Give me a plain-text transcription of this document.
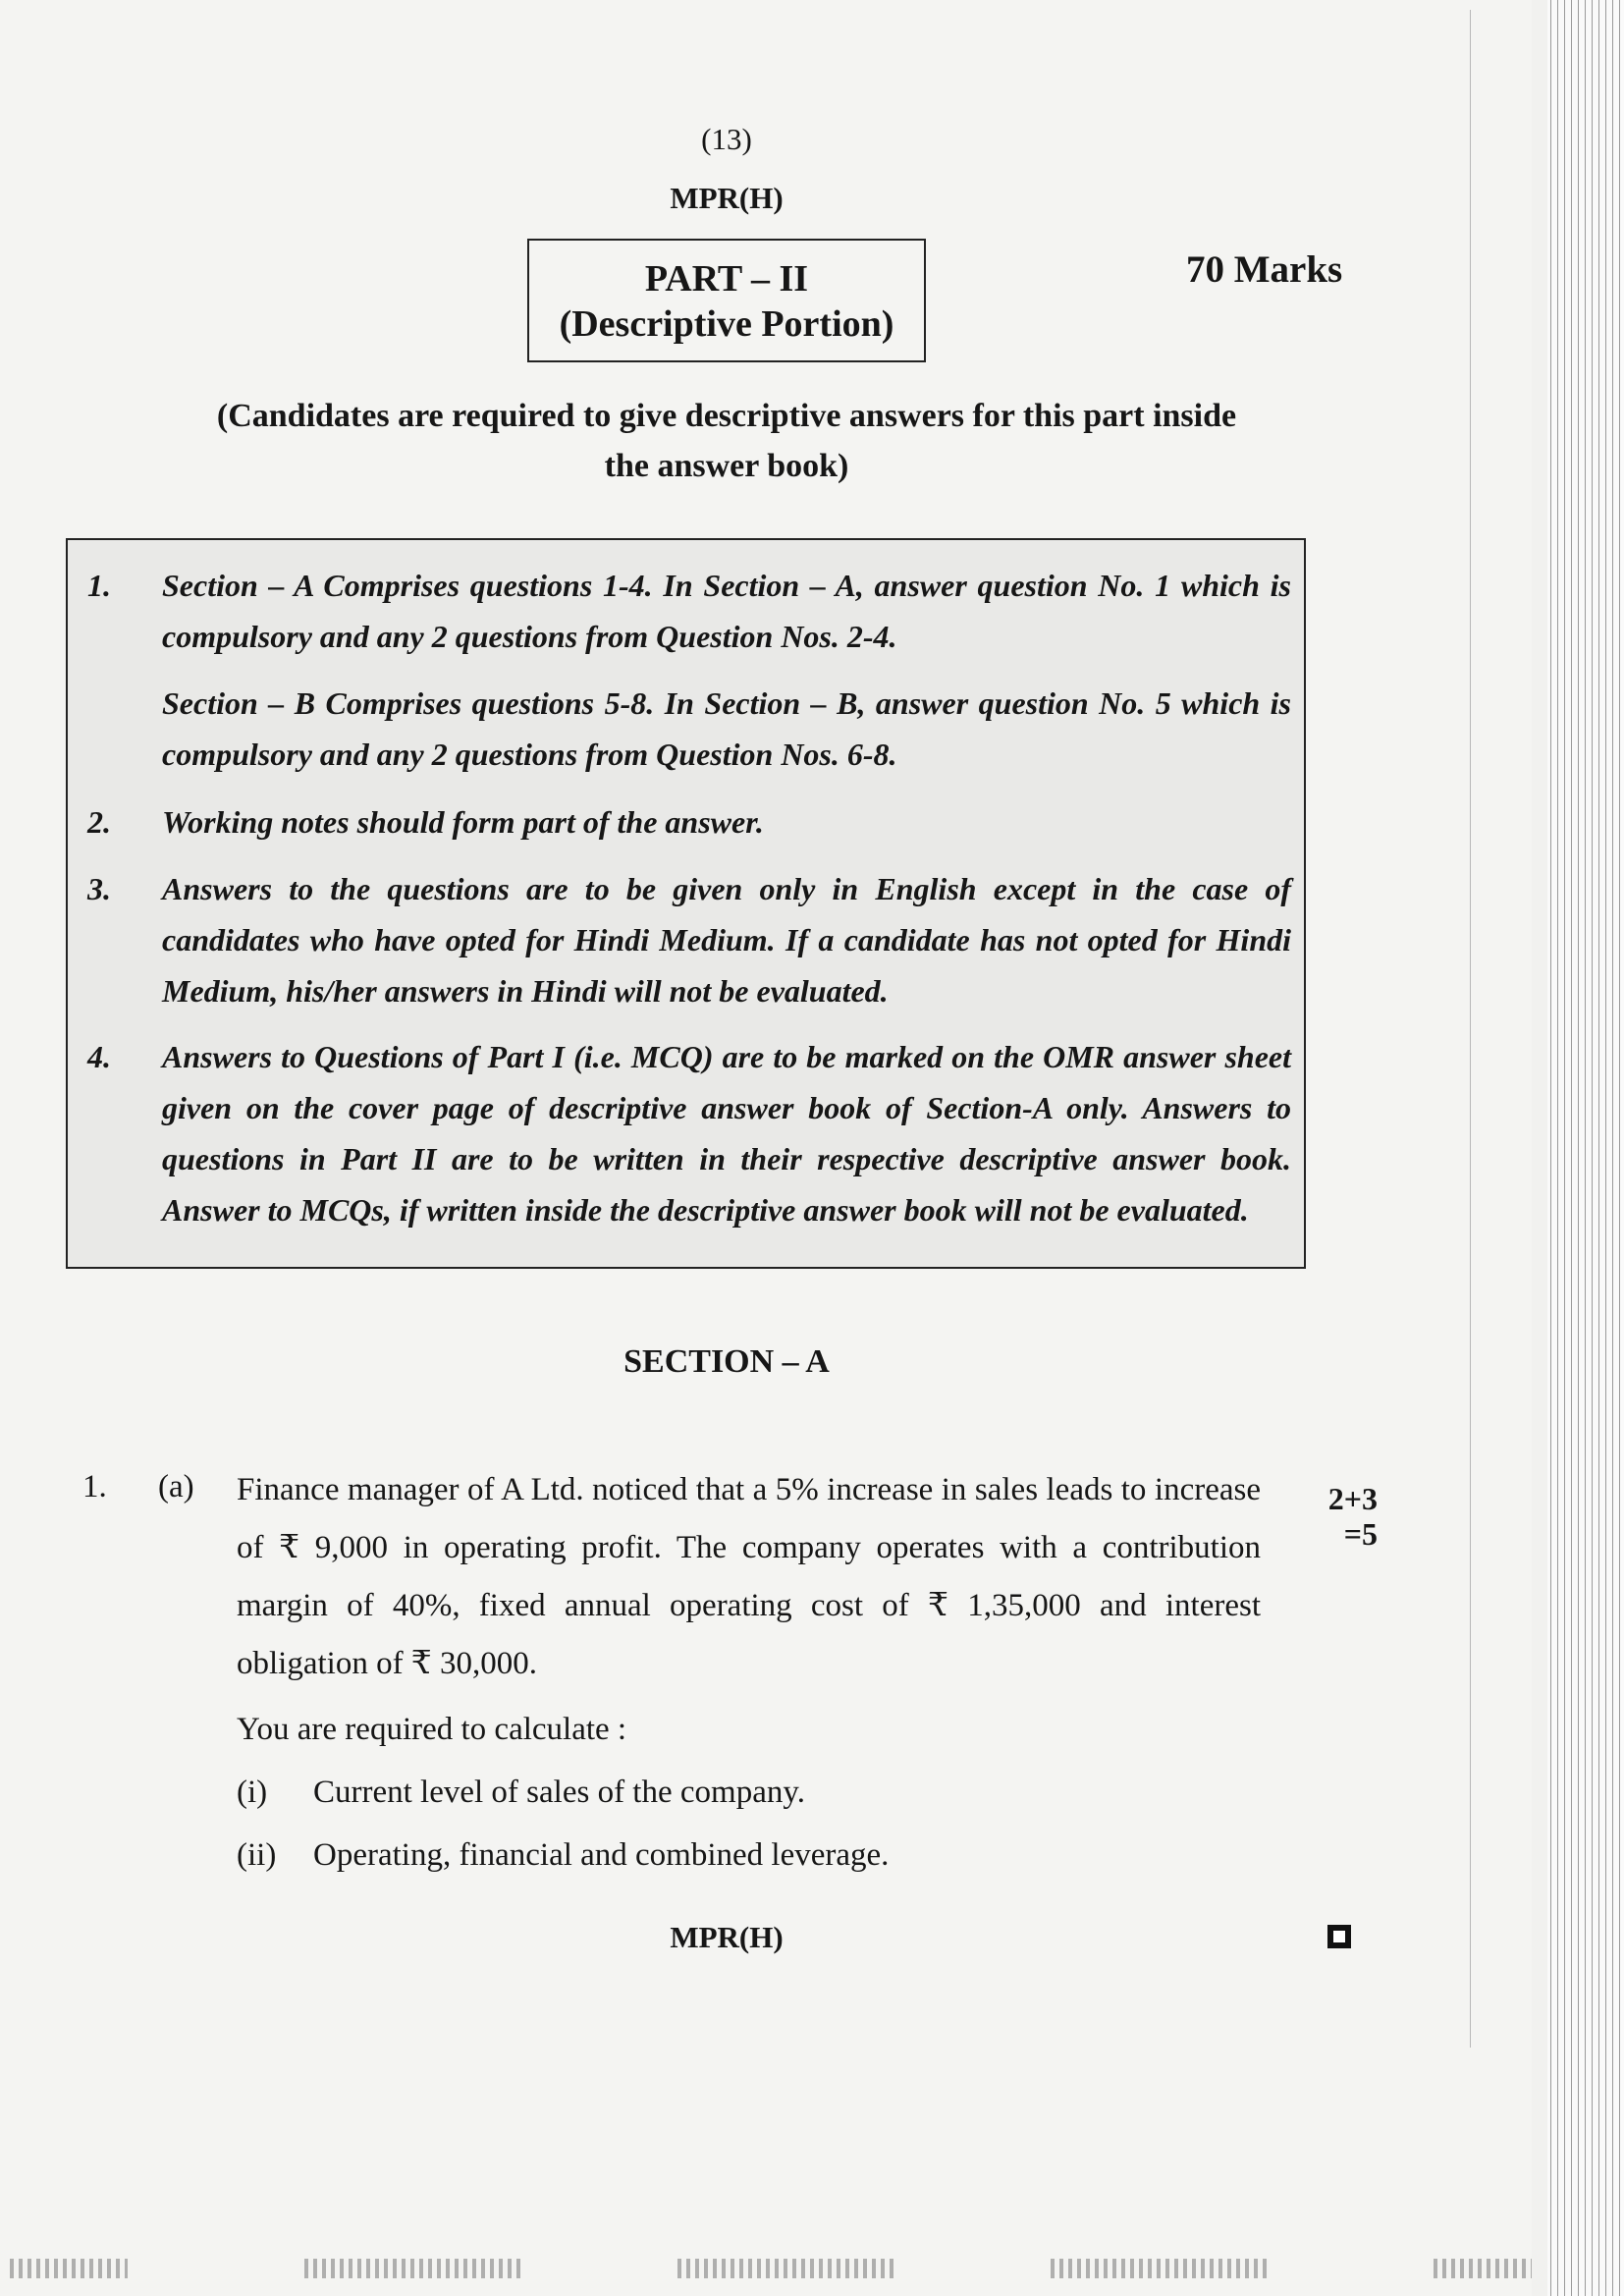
(13)
MPR(H)
PART – II
(Descriptive Portion)
70 Marks
(Candidates are required to give descriptive answers for this part inside
the answer book)
1.	Section – A Comprises questions 1-4. In Section – A, answer question No. 1 which is compulsory and any 2 questions from Question Nos. 2-4.
Section – B Comprises questions 5-8. In Section – B, answer question No. 5 which is compulsory and any 2 questions from Question Nos. 6-8.
2.	Working notes should form part of the answer.
3.	Answers to the questions are to be given only in English except in the case of candidates who have opted for Hindi Medium. If a candidate has not opted for Hindi Medium, his/her answers in Hindi will not be evaluated.
4.	Answers to Questions of Part I (i.e. MCQ) are to be marked on the OMR answer sheet given on the cover page of descriptive answer book of Section-A only. Answers to questions in Part II are to be written in their respective descriptive answer book. Answer to MCQs, if written inside the descriptive answer book will not be evaluated.
SECTION – A
1. (a) Finance manager of A Ltd. noticed that a 5% increase in sales leads to increase of ₹ 9,000 in operating profit. The company operates with a contribution margin of 40%, fixed annual operating cost of ₹ 1,35,000 and interest obligation of ₹ 30,000.
2+3
=5
You are required to calculate :
(i) Current level of sales of the company.
(ii) Operating, financial and combined leverage.
MPR(H)
